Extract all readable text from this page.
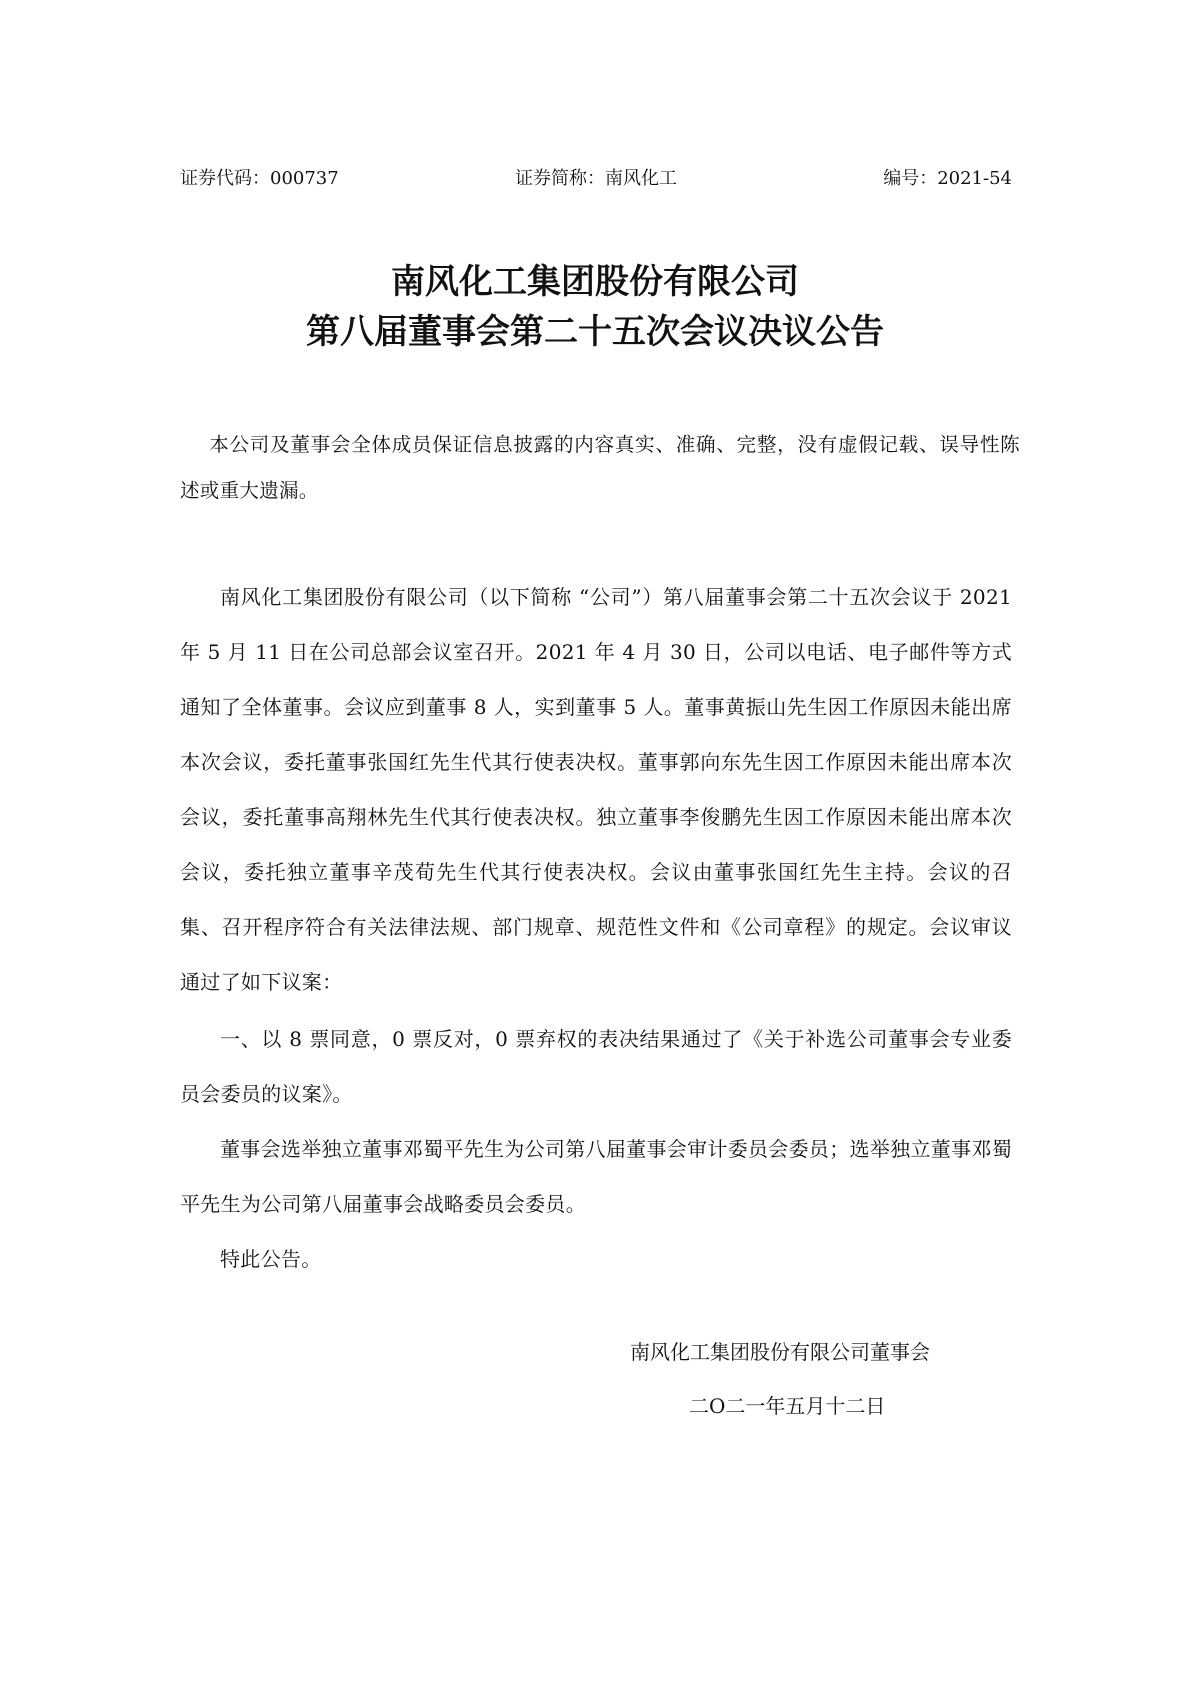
证券代码：000737	证券简称：南风化工	编号：2021-54
南风化工集团股份有限公司
第八届董事会第二十五次会议决议公告

本公司及董事会全体成员保证信息披露的内容真实、准确、完整，没有虚假记载、误导性陈述或重大遗漏。

南风化工集团股份有限公司（以下简称 “公司”）第八届董事会第二十五次会议于 2021 年 5 月 11 日在公司总部会议室召开。2021 年 4 月 30 日，公司以电话、电子邮件等方式通知了全体董事。会议应到董事 8 人，实到董事 5 人。董事黄振山先生因工作原因未能出席本次会议，委托董事张国红先生代其行使表决权。董事郭向东先生因工作原因未能出席本次会议，委托董事高翔林先生代其行使表决权。独立董事李俊鹏先生因工作原因未能出席本次会议，委托独立董事辛茂荀先生代其行使表决权。会议由董事张国红先生主持。会议的召集、召开程序符合有关法律法规、部门规章、规范性文件和《公司章程》的规定。会议审议通过了如下议案：

一、以 8 票同意，0 票反对，0 票弃权的表决结果通过了《关于补选公司董事会专业委员会委员的议案》。

董事会选举独立董事邓蜀平先生为公司第八届董事会审计委员会委员；选举独立董事邓蜀平先生为公司第八届董事会战略委员会委员。

特此公告。

南风化工集团股份有限公司董事会
二O二一年五月十二日
